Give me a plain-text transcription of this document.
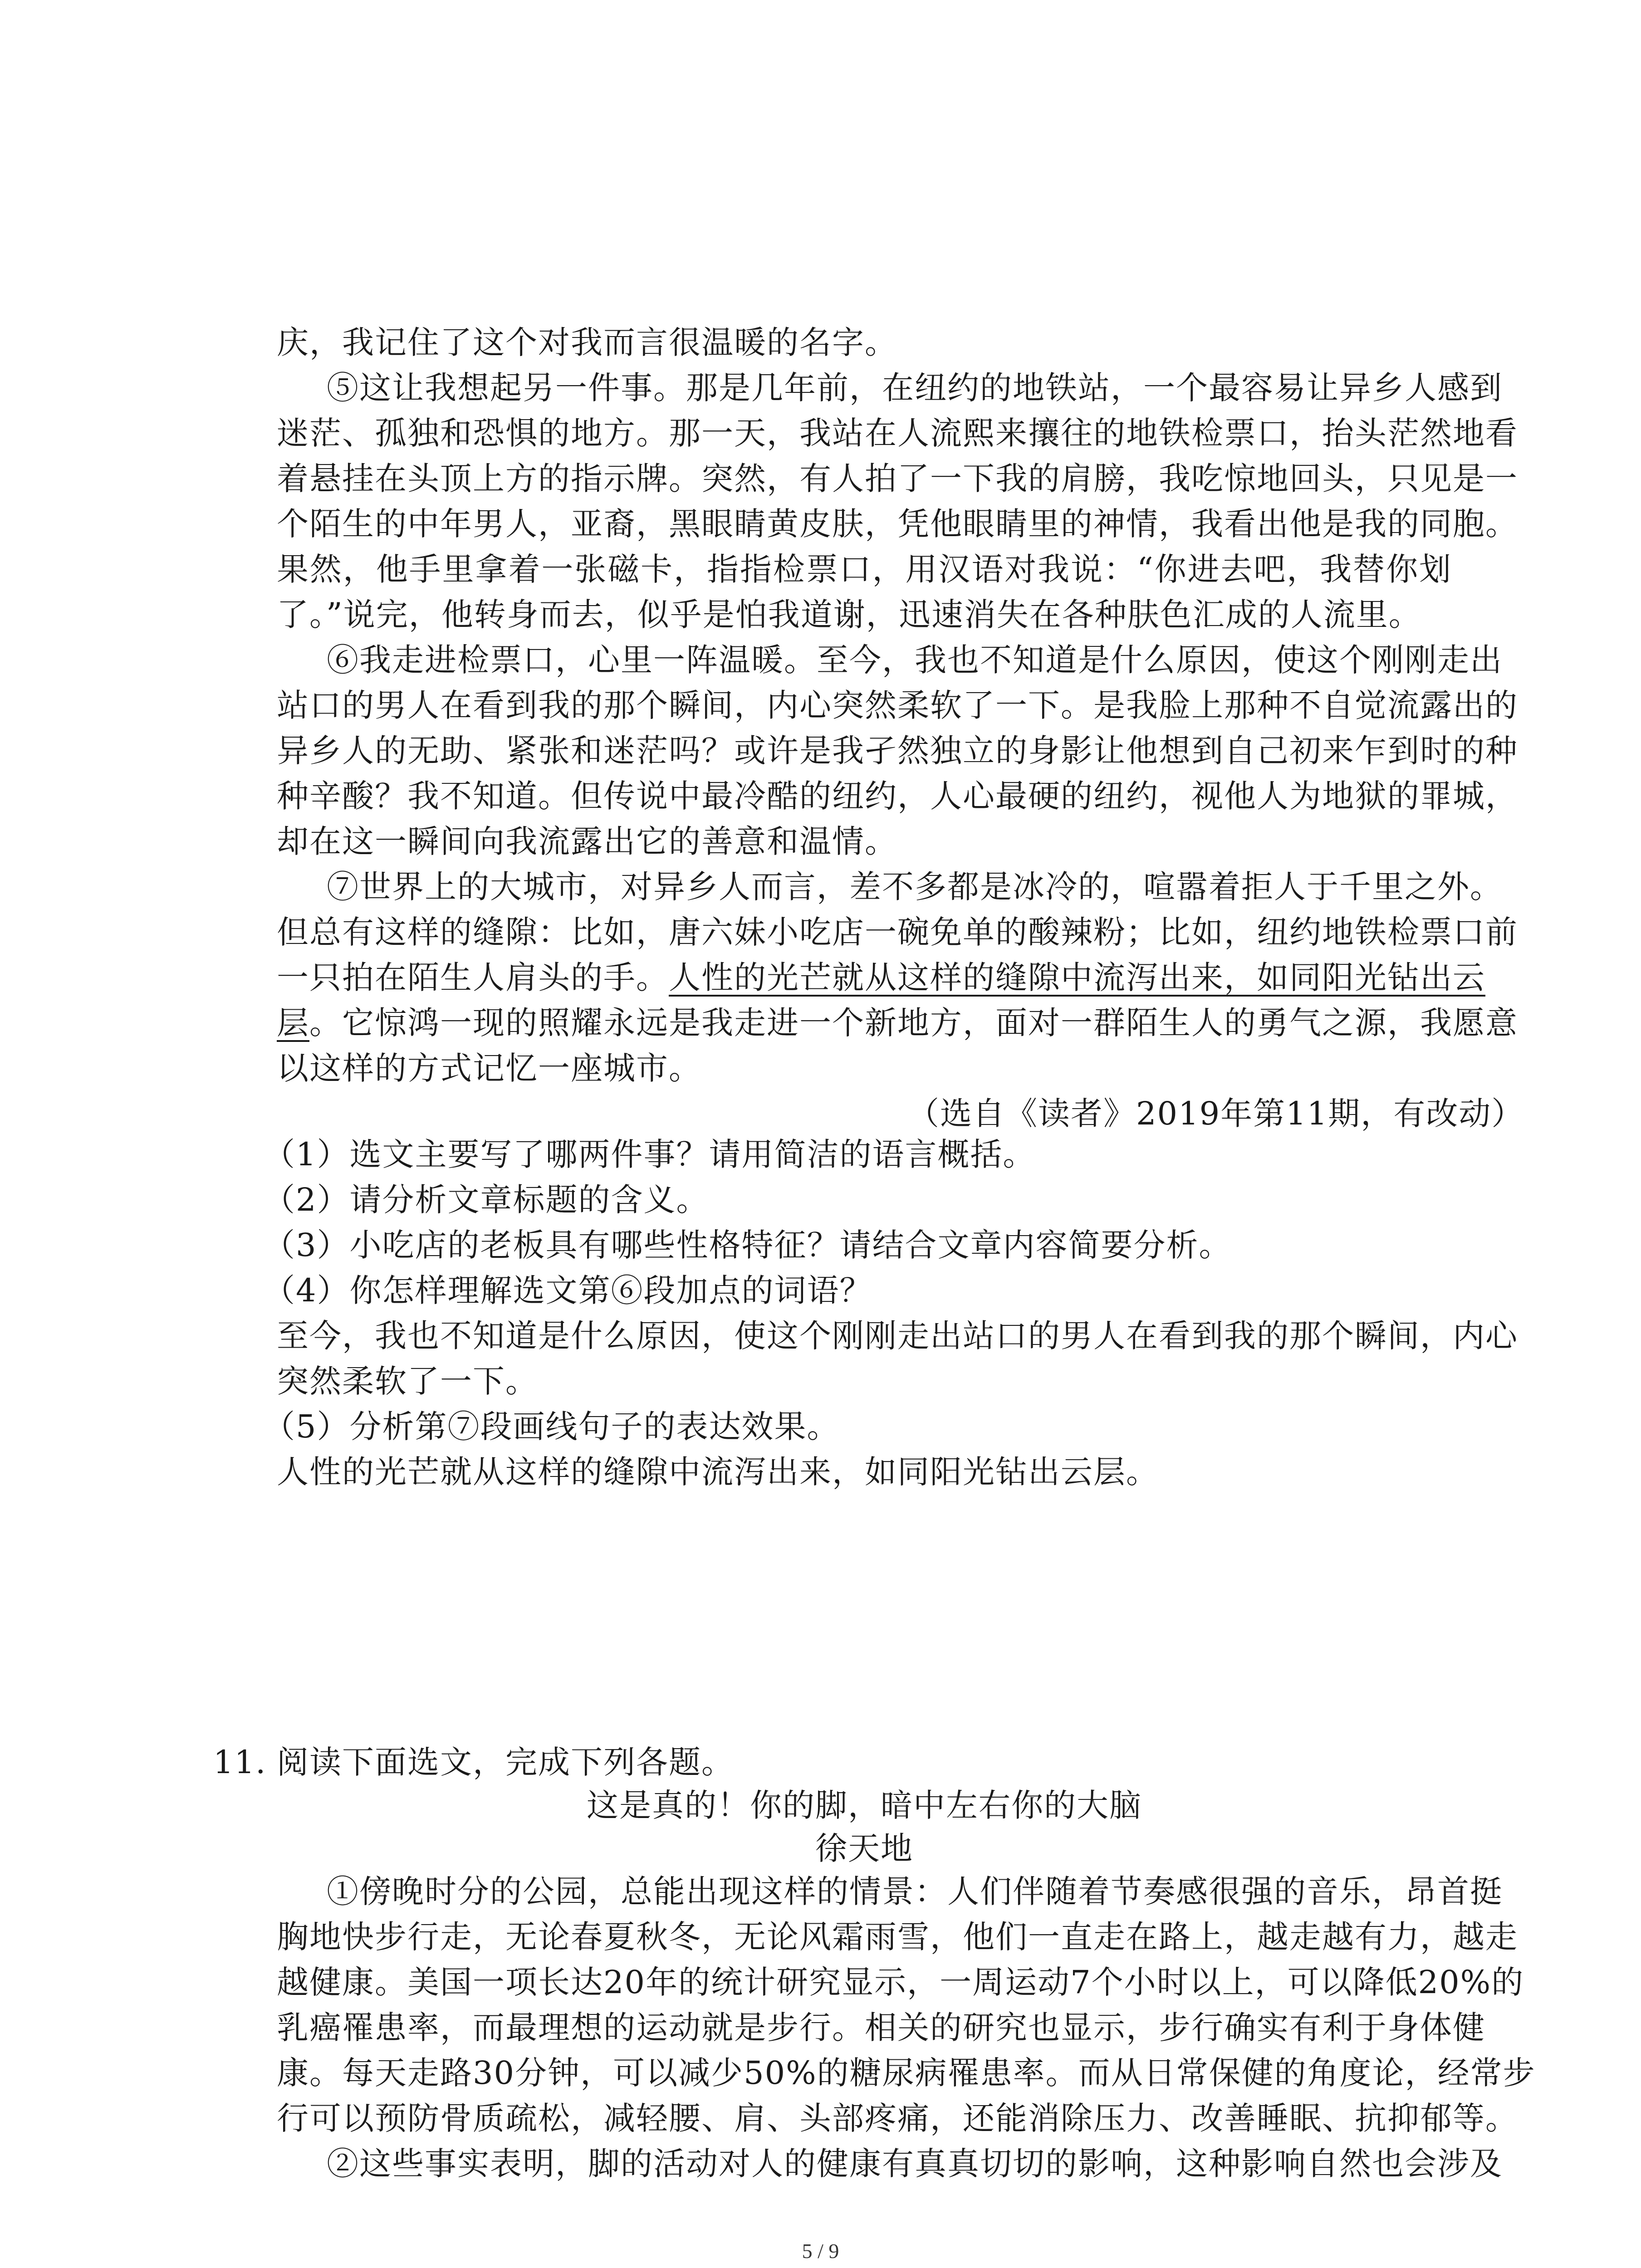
庆，我记住了这个对我而言很温暖的名字。
⑤这让我想起另一件事。那是几年前，在纽约的地铁站，一个最容易让异乡人感到
迷茫、孤独和恐惧的地方。那一天，我站在人流熙来攘往的地铁检票口，抬头茫然地看
着悬挂在头顶上方的指示牌。突然，有人拍了一下我的肩膀，我吃惊地回头，只见是一
个陌生的中年男人，亚裔，黑眼睛黄皮肤，凭他眼睛里的神情，我看出他是我的同胞。
果然，他手里拿着一张磁卡，指指检票口，用汉语对我说：“你进去吧，我替你划
了。”说完，他转身而去，似乎是怕我道谢，迅速消失在各种肤色汇成的人流里。
⑥我走进检票口，心里一阵温暖。至今，我也不知道是什么原因，使这个刚刚走出
站口的男人在看到我的那个瞬间，内心突然柔软了一下。是我脸上那种不自觉流露出的
异乡人的无助、紧张和迷茫吗？或许是我孑然独立的身影让他想到自己初来乍到时的种
种辛酸？我不知道。但传说中最冷酷的纽约，人心最硬的纽约，视他人为地狱的罪城，
却在这一瞬间向我流露出它的善意和温情。
⑦世界上的大城市，对异乡人而言，差不多都是冰冷的，喧嚣着拒人于千里之外。
但总有这样的缝隙：比如，唐六妹小吃店一碗免单的酸辣粉；比如，纽约地铁检票口前
一只拍在陌生人肩头的手。人性的光芒就从这样的缝隙中流泻出来，如同阳光钻出云
层。它惊鸿一现的照耀永远是我走进一个新地方，面对一群陌生人的勇气之源，我愿意
以这样的方式记忆一座城市。
（选自《读者》2019年第11期，有改动）
（1）选文主要写了哪两件事？请用简洁的语言概括。
（2）请分析文章标题的含义。
（3）小吃店的老板具有哪些性格特征？请结合文章内容简要分析。
（4）你怎样理解选文第⑥段加点的词语？
至今，我也不知道是什么原因，使这个刚刚走出站口的男人在看到我的那个瞬间，内心
突然柔软了一下。
（5）分析第⑦段画线句子的表达效果。
人性的光芒就从这样的缝隙中流泻出来，如同阳光钻出云层。
11. 阅读下面选文，完成下列各题。
这是真的！你的脚，暗中左右你的大脑
徐天地
①傍晚时分的公园，总能出现这样的情景：人们伴随着节奏感很强的音乐，昂首挺
胸地快步行走，无论春夏秋冬，无论风霜雨雪，他们一直走在路上，越走越有力，越走
越健康。美国一项长达20年的统计研究显示，一周运动7个小时以上，可以降低20%的
乳癌罹患率，而最理想的运动就是步行。相关的研究也显示，步行确实有利于身体健
康。每天走路30分钟，可以减少50%的糖尿病罹患率。而从日常保健的角度论，经常步
行可以预防骨质疏松，减轻腰、肩、头部疼痛，还能消除压力、改善睡眠、抗抑郁等。
②这些事实表明，脚的活动对人的健康有真真切切的影响，这种影响自然也会涉及
5 / 9
